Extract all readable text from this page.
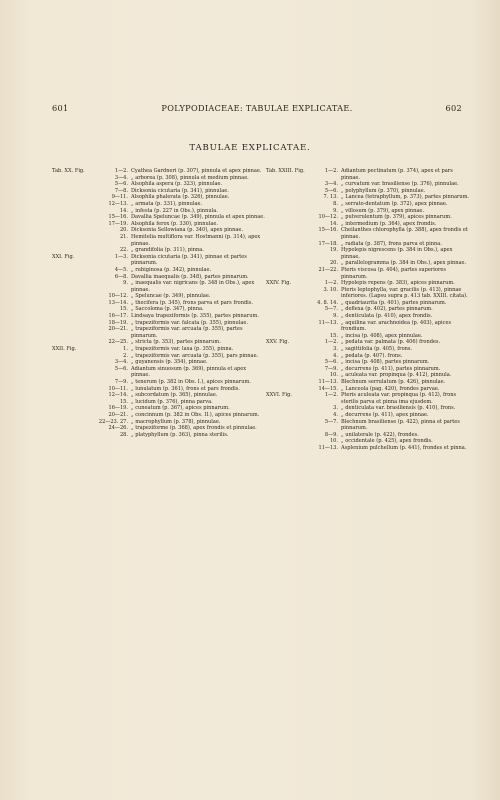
601	POLYPODIACEAE: TABULAE EXPLICATAE.	602
TABULAE EXPLICATAE.
Tab. XX. Fig.	1—2. Cyathea Gardneri (p. 307), pinnula et apex pinnae.
3—4. „ arborea (p. 308), pinnula et medium pinnae.
5—6. Alsophila aspera (p. 323), pinnulae.
7—8. Dicksonia cicutaria (p. 341), pinnulae.
9—11. Alsophila phalerata (p. 326), pinnulae.
12—13. „ armata (p. 331), pinnulae.
14. „ infesta (p. 227 in Obs.), pinnula.
15—16. Davallia Speluncae (p. 349), pinnula et apex pinnae.
17—19. Alsophila ferox (p. 330), pinnulae.
20. Dicksonia Sellowiana (p. 340), apex pinnae.
21. Hemitelia multiflora var. Hostmanni (p. 314), apex pinnae.
22. „ grandifolia (p. 311), pinna.
XXI. Fig.	1—3. Dicksonia cicutaria (p. 341), pinnae et partes pinnarum.
4—5. „ rubiginosa (p. 342), pinnulae.
6—8. Davallia inaequalis (p. 348), partes pinnarum.
9. „ inaequalis var. nigricans (p. 348 in Obs.), apex pinnae.
10—12. „ Speluncae (p. 349), pinnulae.
13—14. „ thecifera (p. 345), frons parva et pars frondis.
15. „ Saccoloma (p. 347), pinna.
16—17. Lindsaya trapeziformis (p. 355), partes pinnarum.
18—19. „ trapeziformis var. falcata (p. 355), pinnulae.
20—21. „ trapeziformis var. arcuata (p. 355), partes pinnarum.
22—25. „ stricta (p. 353), partes pinnarum.
XXII. Fig.	1. „ trapeziformis var. laxa (p. 355), pinna.
2. „ trapeziformis var. arcuata (p. 355), pars pinnae.
3—4. „ guyanensis (p. 354), pinnae.
5—6. Adiantum sinuosum (p. 369), pinnula et apex pinnae.
7—9. „ tenerum (p. 382 in Obs. I.), apices pinnarum.
10—11. „ lunulatum (p. 361), frons et pars frondis.
12—14. „ subcordatum (p. 365), pinnulae.
15. „ lucidum (p. 376), pinna parva.
16—19. „ cuneatum (p. 367), apices pinnarum.
20—21. „ concinnum (p. 382 in Obs. II.), apices pinnarum.
22—23. 27. „ macrophyllum (p. 378), pinnulae.
24—26. „ trapeziforme (p. 368), apex frondis et pinnulae.
28. „ platyphyllum (p. 363), pinna sterilis.
Tab. XXIII. Fig.	1—2. Adiantum pectinatum (p. 374), apex et pars pinnae.
3—4. „ curvatum var. brasiliense (p. 376), pinnulae.
5—6. „ polyphyllum (p. 370), pinnulae.
7. 13. „ Lancea (tetraphyllum, p. 373), partes pinnarum.
8. „ serrato-dentatum (p. 372), apex pinnae.
9. „ villosum (p. 379), apex pinnae.
10—12. „ pulverulentum (p. 379), apices pinnarum.
14. „ intermedium (p. 364), apex frondis.
15—16. Cheilanthes chlorophylla (p. 388), apex frondis et pinnae.
17—18. „ radiata (p. 387), frons parva et pinna.
19. Hypolepis nigrescens (p. 384 in Obs.), apex pinnae.
20. „ parallelogramma (p. 384 in Obs.), apex pinnae.
21—22. Pteris viscosa (p. 404), partes superiores pinnarum.
XXIV. Fig.	1—2. Hypolepis repens (p. 383), apices pinnarum.
3. 10. Pteris leptophylla, var. gracilis (p. 413), pinnae inferiores. (Lapsu supra p. 413 tab. XXIII. citata).
4. 8. 14. „ quadriaurita (p. 401), partes pinnarum.
5—7. „ deflexa (p. 402), partes pinnarum.
9. „ denticulata (p. 410), apex frondis.
11—13. „ aquilina var. arachnoidea (p. 403), apices frondium.
15. „ incisa (p. 408), apex pinnulae.
XXV. Fig.	1—2. „ pedata var. palmata (p. 406) frondes.
3. „ sagittifolia (p. 405), frons.
4. „ pedata (p. 407). frons.
5—6. „ incisa (p. 408), partes pinnarum.
7—9. „ decurrens (p. 411), partes pinnarum.
10. „ aculeata var. propinqua (p. 412), pinnula.
11—13. Blechnum serrulatum (p. 426), pinnulae.
14—15. „ Lanceola (pag. 420), frondes parvae.
XXVI. Fig.	1—2. Pteris aculeata var. propinqua (p. 412), frons sterilis parva et pinna ima ejusdem.
3. „ denticulata var. brasiliensis (p. 410), frons.
4. „ decurrens (p. 411), apex pinnae.
5—7. Blechnum brasiliense (p. 422), pinna et partes pinnarum.
8—9. „ unilaterale (p. 422), frondes.
10. „ occidentale (p. 425), apex frondis.
11—13. Asplenium pulchellum (p. 441), frondes et pinna.
